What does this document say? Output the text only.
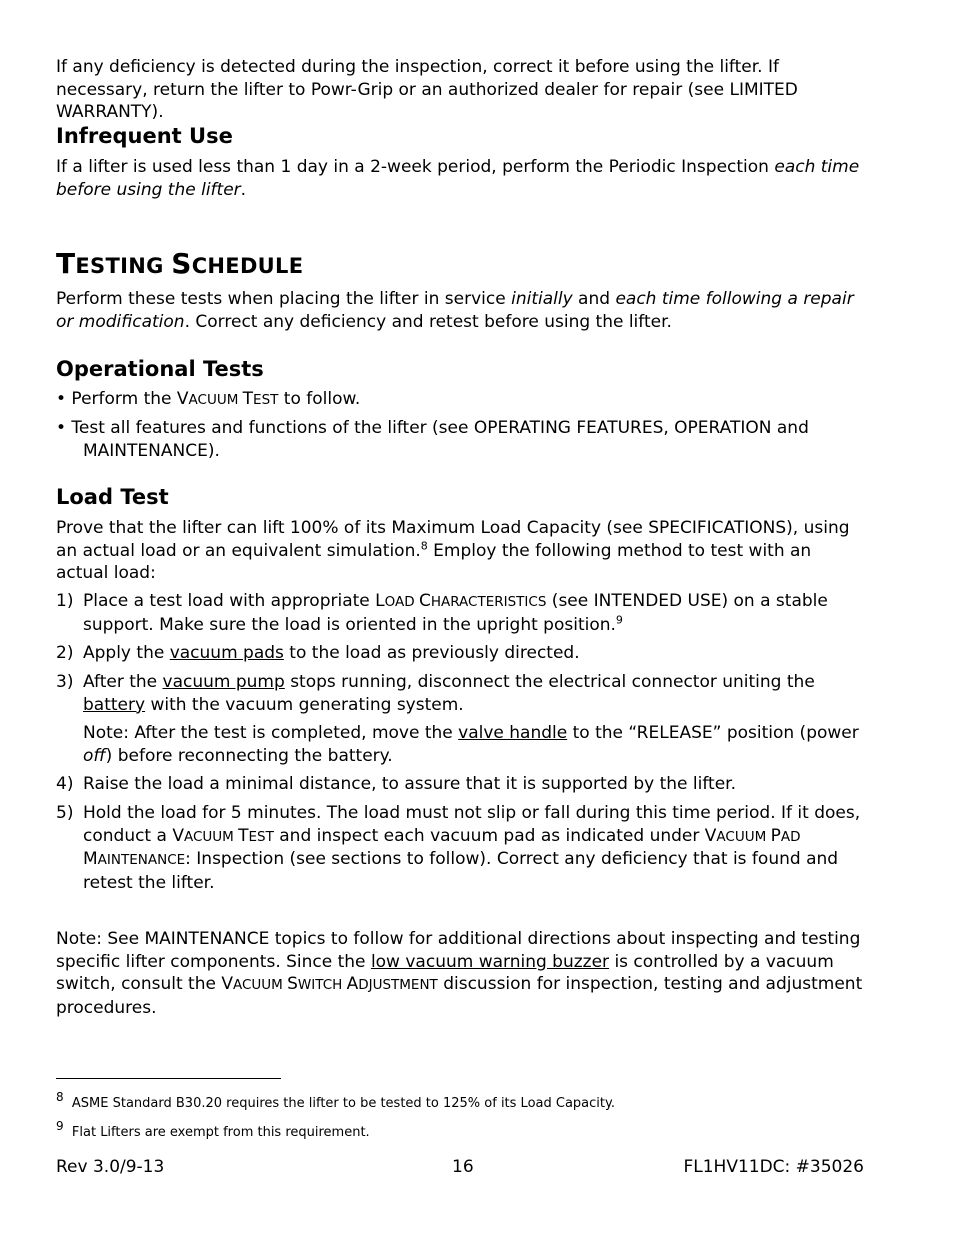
If any deficiency is detected during the inspection, correct it before using the lifter. If necessary, return the lifter to Powr-Grip or an authorized dealer for repair (see LIMITED WARRANTY).

Infrequent Use

If a lifter is used less than 1 day in a 2-week period, perform the Periodic Inspection each time before using the lifter.

TESTING SCHEDULE

Perform these tests when placing the lifter in service initially and each time following a repair or modification. Correct any deficiency and retest before using the lifter.

Operational Tests
• Perform the VACUUM TEST to follow.
• Test all features and functions of the lifter (see OPERATING FEATURES, OPERATION and
MAINTENANCE).
Load Test

Prove that the lifter can lift 100% of its Maximum Load Capacity (see SPECIFICATIONS), using an actual load or an equivalent simulation.$^8$ Employ the following method to test with an actual load:

1) Place a test load with appropriate LOAD CHARACTERISTICS (see INTENDED USE) on a stable support. Make sure the load is oriented in the upright position.$^9$
2) Apply the vacuum pads to the load as previously directed.
3) After the vacuum pump stops running, disconnect the electrical connector uniting the battery with the vacuum generating system.
Note: After the test is completed, move the valve handle to the “RELEASE” position (power off) before reconnecting the battery.
4) Raise the load a minimal distance, to assure that it is supported by the lifter.
5) Hold the load for 5 minutes. The load must not slip or fall during this time period. If it does, conduct a VACUUM TEST and inspect each vacuum pad as indicated under VACUUM PAD MAINTENANCE: Inspection (see sections to follow). Correct any deficiency that is found and retest the lifter.

Note: See MAINTENANCE topics to follow for additional directions about inspecting and testing specific lifter components. Since the low vacuum warning buzzer is controlled by a vacuum switch, consult the VACUUM SWITCH ADJUSTMENT discussion for inspection, testing and adjustment procedures.

$^8$ ASME Standard B30.20 requires the lifter to be tested to 125% of its Load Capacity.
$^9$ Flat Lifters are exempt from this requirement.
Rev 3.0/9-13	16	FL1HV11DC: #35026
